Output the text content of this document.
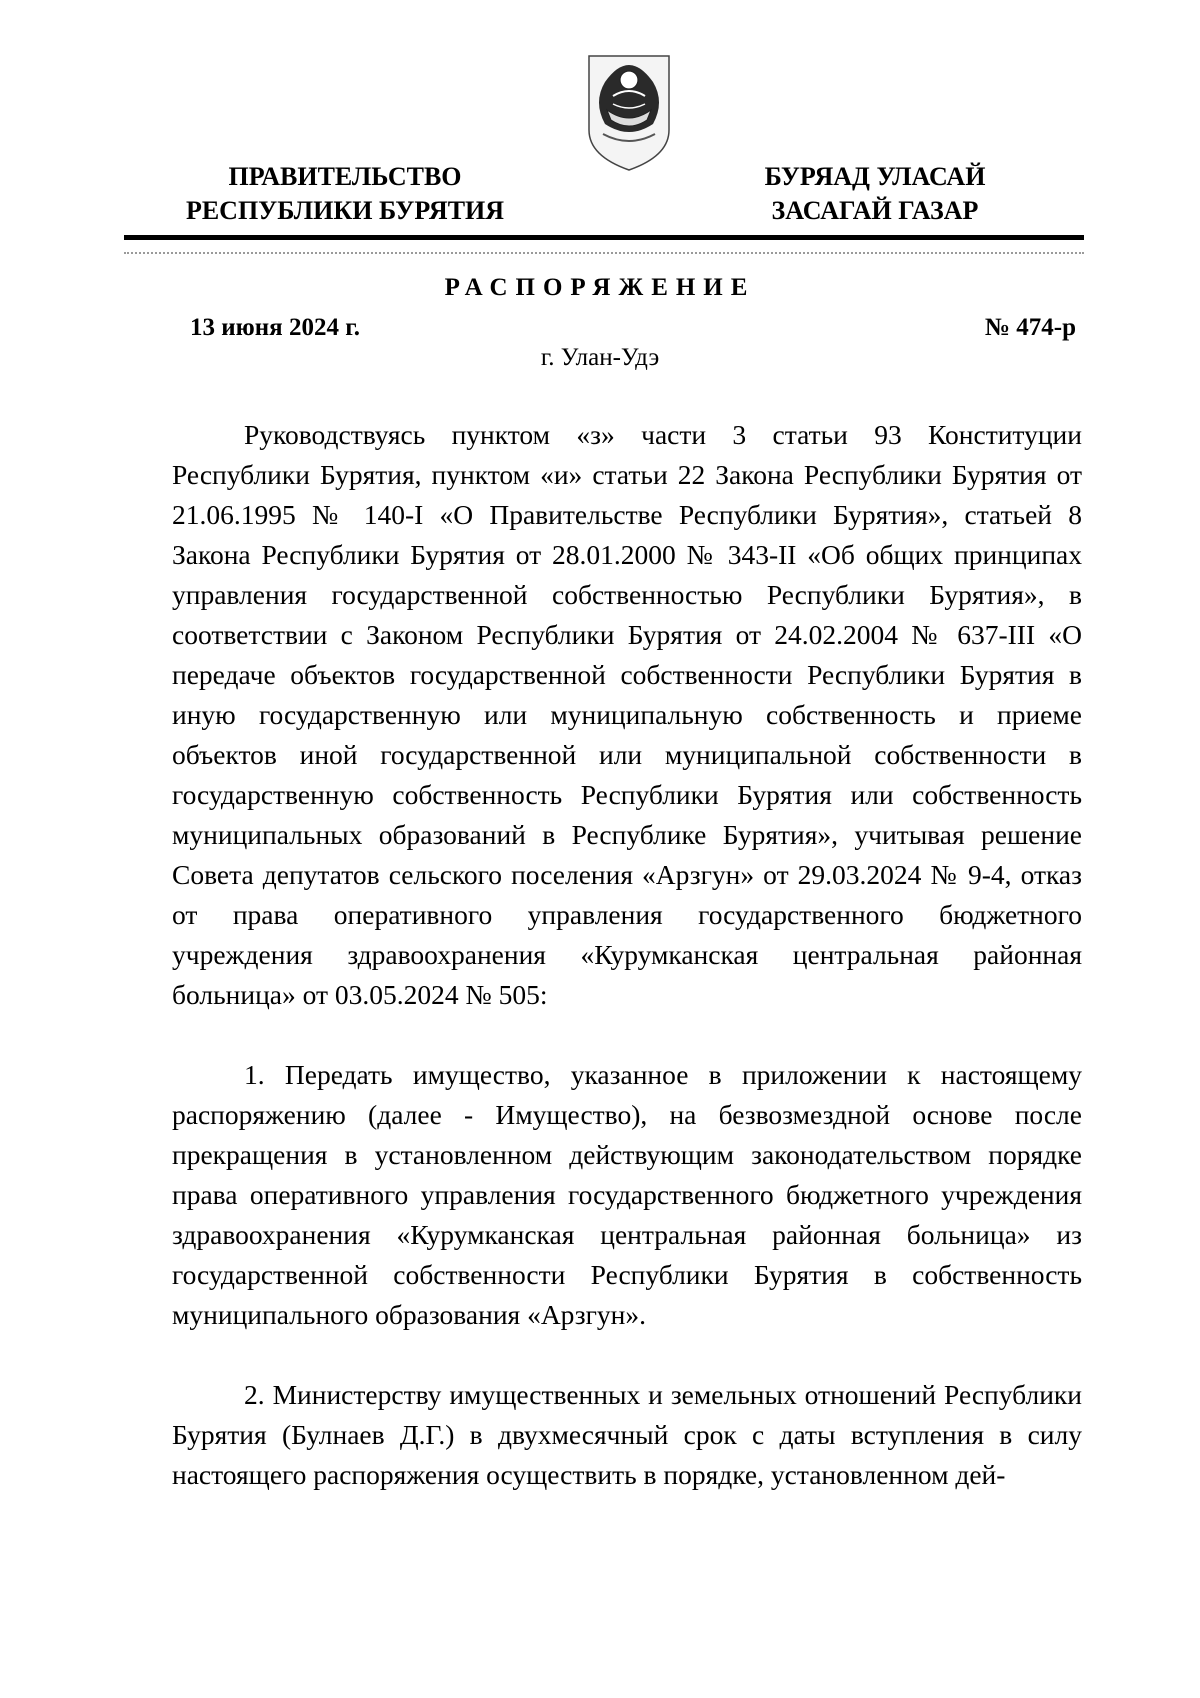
ПРАВИТЕЛЬСТВО
РЕСПУБЛИКИ БУРЯТИЯ
БУРЯАД УЛАСАЙ
ЗАСАГАЙ ГАЗАР
РАСПОРЯЖЕНИЕ
13 июня 2024 г.	№ 474-р
г. Улан-Удэ

Руководствуясь пунктом «з» части 3 статьи 93 Конституции Республики Бурятия, пунктом «и» статьи 22 Закона Республики Бурятия от 21.06.1995 № 140-I «О Правительстве Республики Бурятия», статьей 8 Закона Республики Бурятия от 28.01.2000 № 343-II «Об общих принципах управления государственной собственностью Республики Бурятия», в соответствии с Законом Республики Бурятия от 24.02.2004 № 637-III «О передаче объектов государственной собственности Республики Бурятия в иную государственную или муниципальную собственность и приеме объектов иной государственной или муниципальной собственности в государственную собственность Республики Бурятия или собственность муниципальных образований в Республике Бурятия», учитывая решение Совета депутатов сельского поселения «Арзгун» от 29.03.2024 № 9-4, отказ от права оперативного управления государственного бюджетного учреждения здравоохранения «Курумканская центральная районная больница» от 03.05.2024 № 505:

1. Передать имущество, указанное в приложении к настоящему распоряжению (далее - Имущество), на безвозмездной основе после прекращения в установленном действующим законодательством порядке права оперативного управления государственного бюджетного учреждения здравоохранения «Курумканская центральная районная больница» из государственной собственности Республики Бурятия в собственность муниципального образования «Арзгун».

2. Министерству имущественных и земельных отношений Республики Бурятия (Булнаев Д.Г.) в двухмесячный срок с даты вступления в силу настоящего распоряжения осуществить в порядке, установленном дей-
